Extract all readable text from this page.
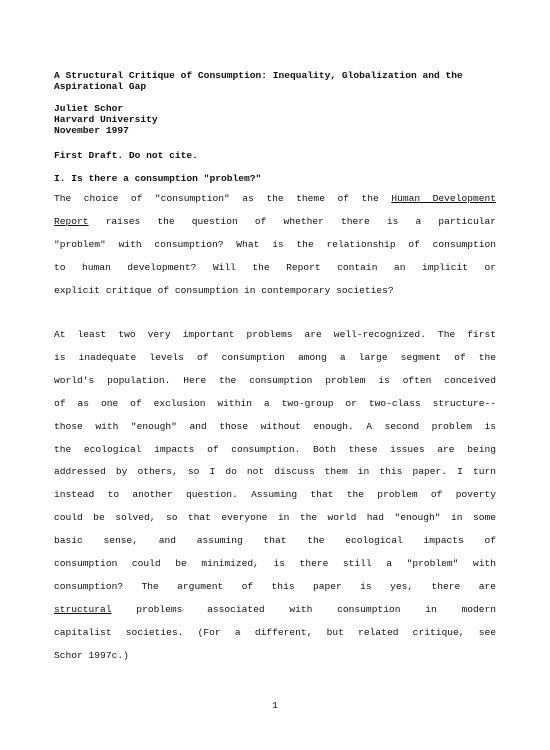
A Structural Critique of Consumption: Inequality, Globalization and the Aspirational Gap
Juliet Schor
Harvard University
November 1997
First Draft. Do not cite.
I. Is there a consumption "problem?"

The choice of "consumption" as the theme of the Human Development

Report raises the question of whether there is a particular

"problem" with consumption? What is the relationship of consumption

to human development? Will the Report contain an implicit or

explicit critique of consumption in contemporary societies?

At least two very important problems are well-recognized. The first

is inadequate levels of consumption among a large segment of the

world's population. Here the consumption problem is often conceived

of as one of exclusion within a two-group or two-class structure--

those with "enough" and those without enough. A second problem is

the ecological impacts of consumption. Both these issues are being

addressed by others, so I do not discuss them in this paper. I turn

instead to another question. Assuming that the problem of poverty

could be solved, so that everyone in the world had "enough" in some

basic sense, and assuming that the ecological impacts of

consumption could be minimized, is there still a "problem" with

consumption? The argument of this paper is yes, there are

structural problems associated with consumption in modern

capitalist societies. (For a different, but related critique, see

Schor 1997c.)

1
